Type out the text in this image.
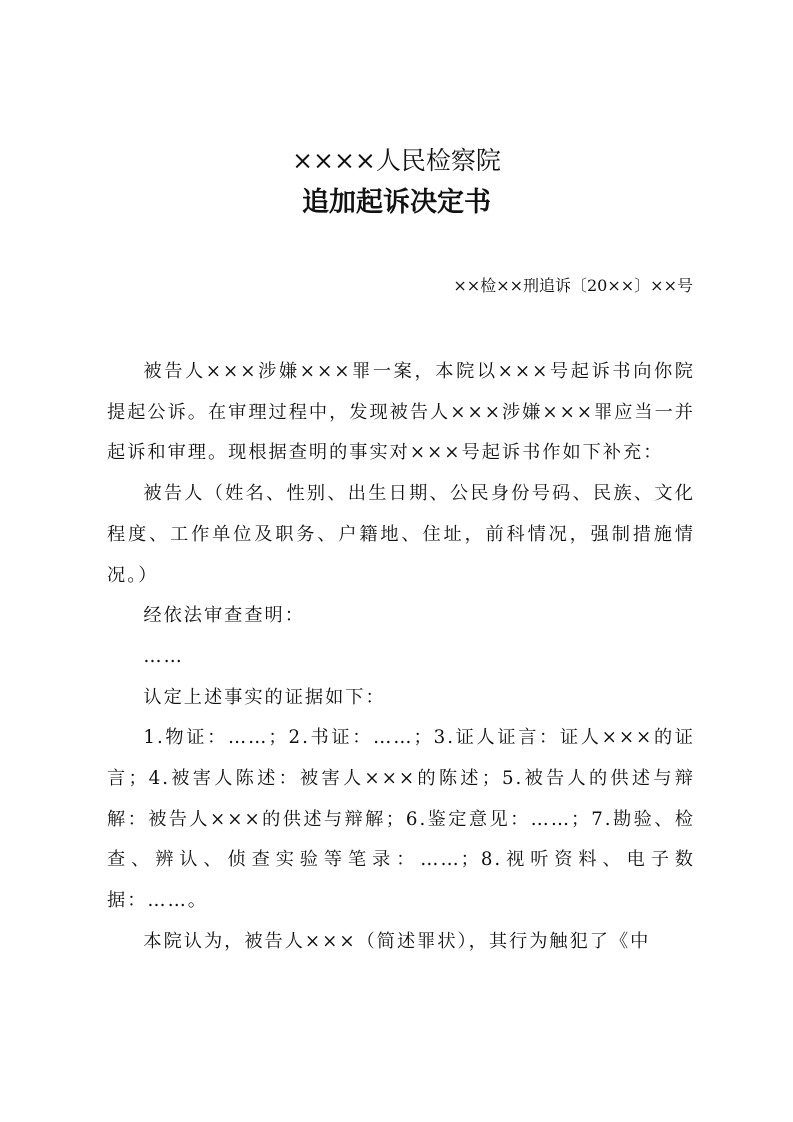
××××人民检察院
追加起诉决定书
××检××刑追诉〔20××〕××号

被告人×××涉嫌×××罪一案，本院以×××号起诉书向你院提起公诉。在审理过程中，发现被告人×××涉嫌×××罪应当一并起诉和审理。现根据查明的事实对×××号起诉书作如下补充：

被告人（姓名、性别、出生日期、公民身份号码、民族、文化程度、工作单位及职务、户籍地、住址，前科情况，强制措施情况。）

经依法审查查明：

……

认定上述事实的证据如下：

1.物证：……；2.书证：……；3.证人证言：证人×××的证言；4.被害人陈述：被害人×××的陈述；5.被告人的供述与辩解：被告人×××的供述与辩解；6.鉴定意见：……；7.勘验、检查、辨认、侦查实验等笔录：……；8.视听资料、电子数据：……。

本院认为，被告人×××（简述罪状），其行为触犯了《中
